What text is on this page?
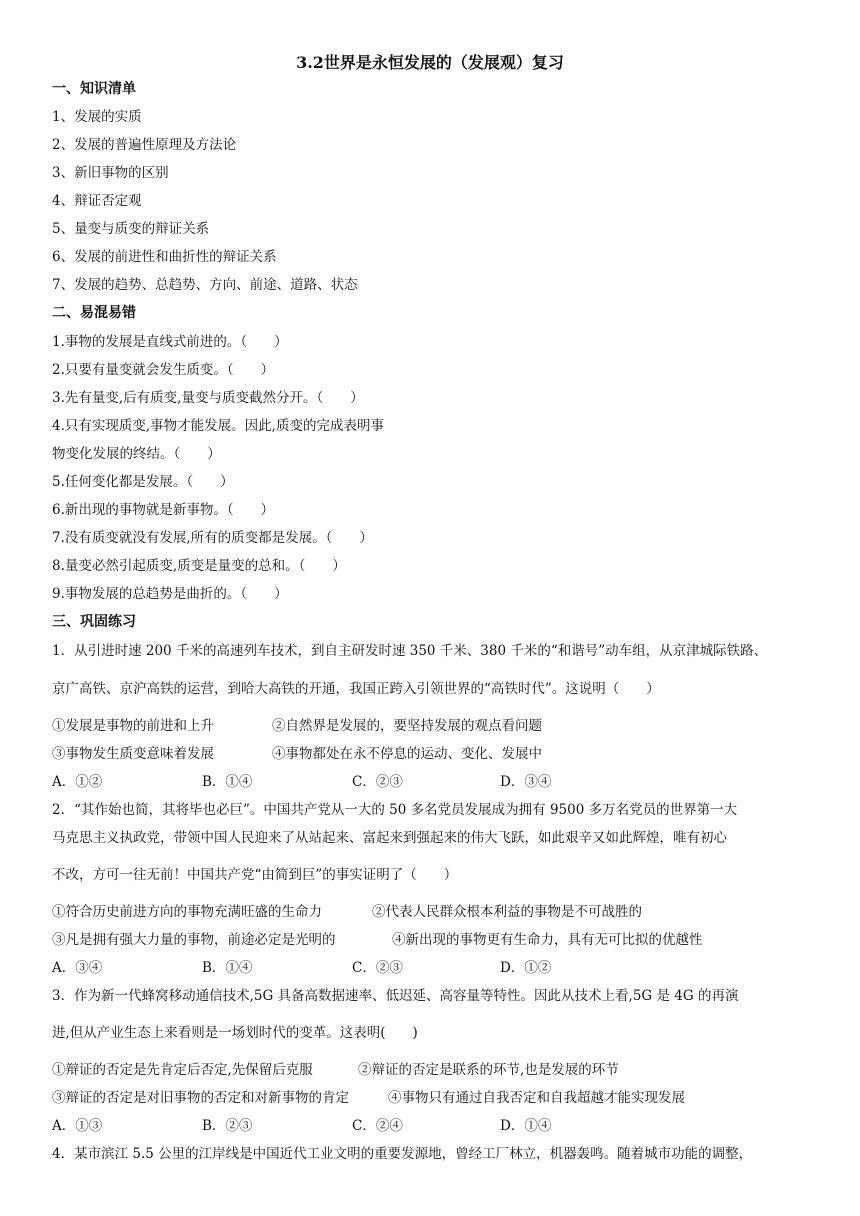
3.2世界是永恒发展的（发展观）复习
一、知识清单
1、发展的实质
2、发展的普遍性原理及方法论
3、新旧事物的区别
4、辩证否定观
5、量变与质变的辩证关系
6、发展的前进性和曲折性的辩证关系
7、发展的趋势、总趋势、方向、前途、道路、状态
二、易混易错
1.事物的发展是直线式前进的。（　　）
2.只要有量变就会发生质变。（　　）
3.先有量变,后有质变,量变与质变截然分开。（　　）
4.只有实现质变,事物才能发展。因此,质变的完成表明事
物变化发展的终结。（　　）
5.任何变化都是发展。（　　）
6.新出现的事物就是新事物。（　　）
7.没有质变就没有发展,所有的质变都是发展。（　　）
8.量变必然引起质变,质变是量变的总和。（　　）
9.事物发展的总趋势是曲折的。（　　）
三、巩固练习
1．从引进时速 200 千米的高速列车技术，到自主研发时速 350 千米、380 千米的“和谐号”动车组，从京津城际铁路、
京广高铁、京沪高铁的运营，到哈大高铁的开通，我国正跨入引领世界的“高铁时代”。这说明（　　）
①发展是事物的前进和上升	②自然界是发展的，要坚持发展的观点看问题
③事物发生质变意味着发展	④事物都处在永不停息的运动、变化、发展中
A．①②	B．①④	C．②③	D．③④
2．“其作始也简，其将毕也必巨”。中国共产党从一大的 50 多名党员发展成为拥有 9500 多万名党员的世界第一大
马克思主义执政党，带领中国人民迎来了从站起来、富起来到强起来的伟大飞跃，如此艰辛又如此辉煌，唯有初心
不改，方可一往无前！中国共产党“由简到巨”的事实证明了（　　）
①符合历史前进方向的事物充满旺盛的生命力	②代表人民群众根本利益的事物是不可战胜的
③凡是拥有强大力量的事物，前途必定是光明的	④新出现的事物更有生命力，具有无可比拟的优越性
A．③④	B．①④	C．②③	D．①②
3．作为新一代蜂窝移动通信技术,5G 具备高数据速率、低迟延、高容量等特性。因此从技术上看,5G 是 4G 的再演
进,但从产业生态上来看则是一场划时代的变革。这表明(　　)
①辩证的否定是先肯定后否定,先保留后克服	②辩证的否定是联系的环节,也是发展的环节
③辩证的否定是对旧事物的否定和对新事物的肯定	④事物只有通过自我否定和自我超越才能实现发展
A．①③	B．②③	C．②④	D．①④
4．某市滨江 5.5 公里的江岸线是中国近代工业文明的重要发源地，曾经工厂林立，机器轰鸣。随着城市功能的调整，
